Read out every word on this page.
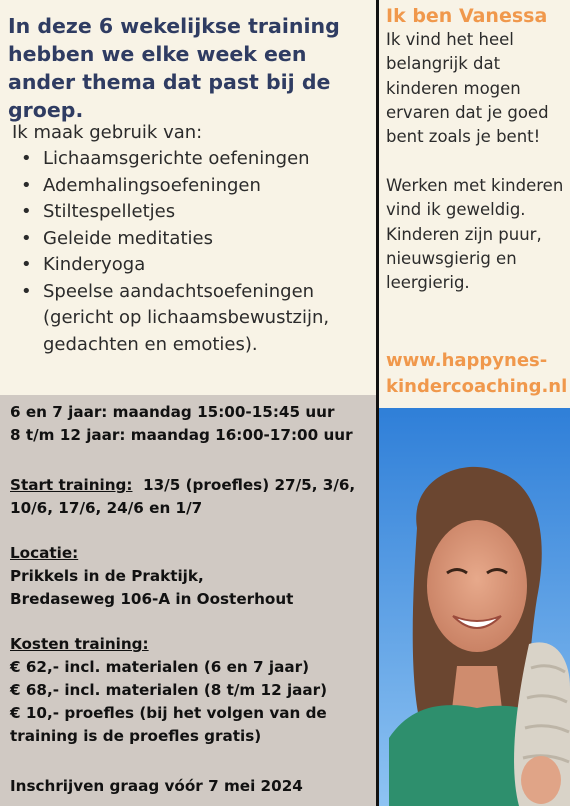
In deze 6 wekelijkse training hebben we elke week een ander thema dat past bij de groep.
Ik maak gebruik van:
• Lichaamsgerichte oefeningen
• Ademhalingsoefeningen
• Stiltespelletjes
• Geleide meditaties
• Kinderyoga
• Speelse aandachtsoefeningen (gericht op lichaamsbewustzijn, gedachten en emoties).
Ik ben Vanessa
Ik vind het heel belangrijk dat kinderen mogen ervaren dat je goed bent zoals je bent!
Werken met kinderen vind ik geweldig. Kinderen zijn puur, nieuwsgierig en leergierig.
www.happynes-
kindercoaching.nl
6 en 7 jaar: maandag 15:00-15:45 uur
8 t/m 12 jaar: maandag 16:00-17:00 uur
Start training:  13/5 (proefles) 27/5, 3/6, 10/6, 17/6, 24/6 en 1/7
Locatie:
Prikkels in de Praktijk,
Bredaseweg 106-A in Oosterhout
Kosten training:
€ 62,- incl. materialen (6 en 7 jaar)
€ 68,- incl. materialen (8 t/m 12 jaar)
€ 10,- proefles (bij het volgen van de training is de proefles gratis)
Inschrijven graag vóór 7 mei 2024
